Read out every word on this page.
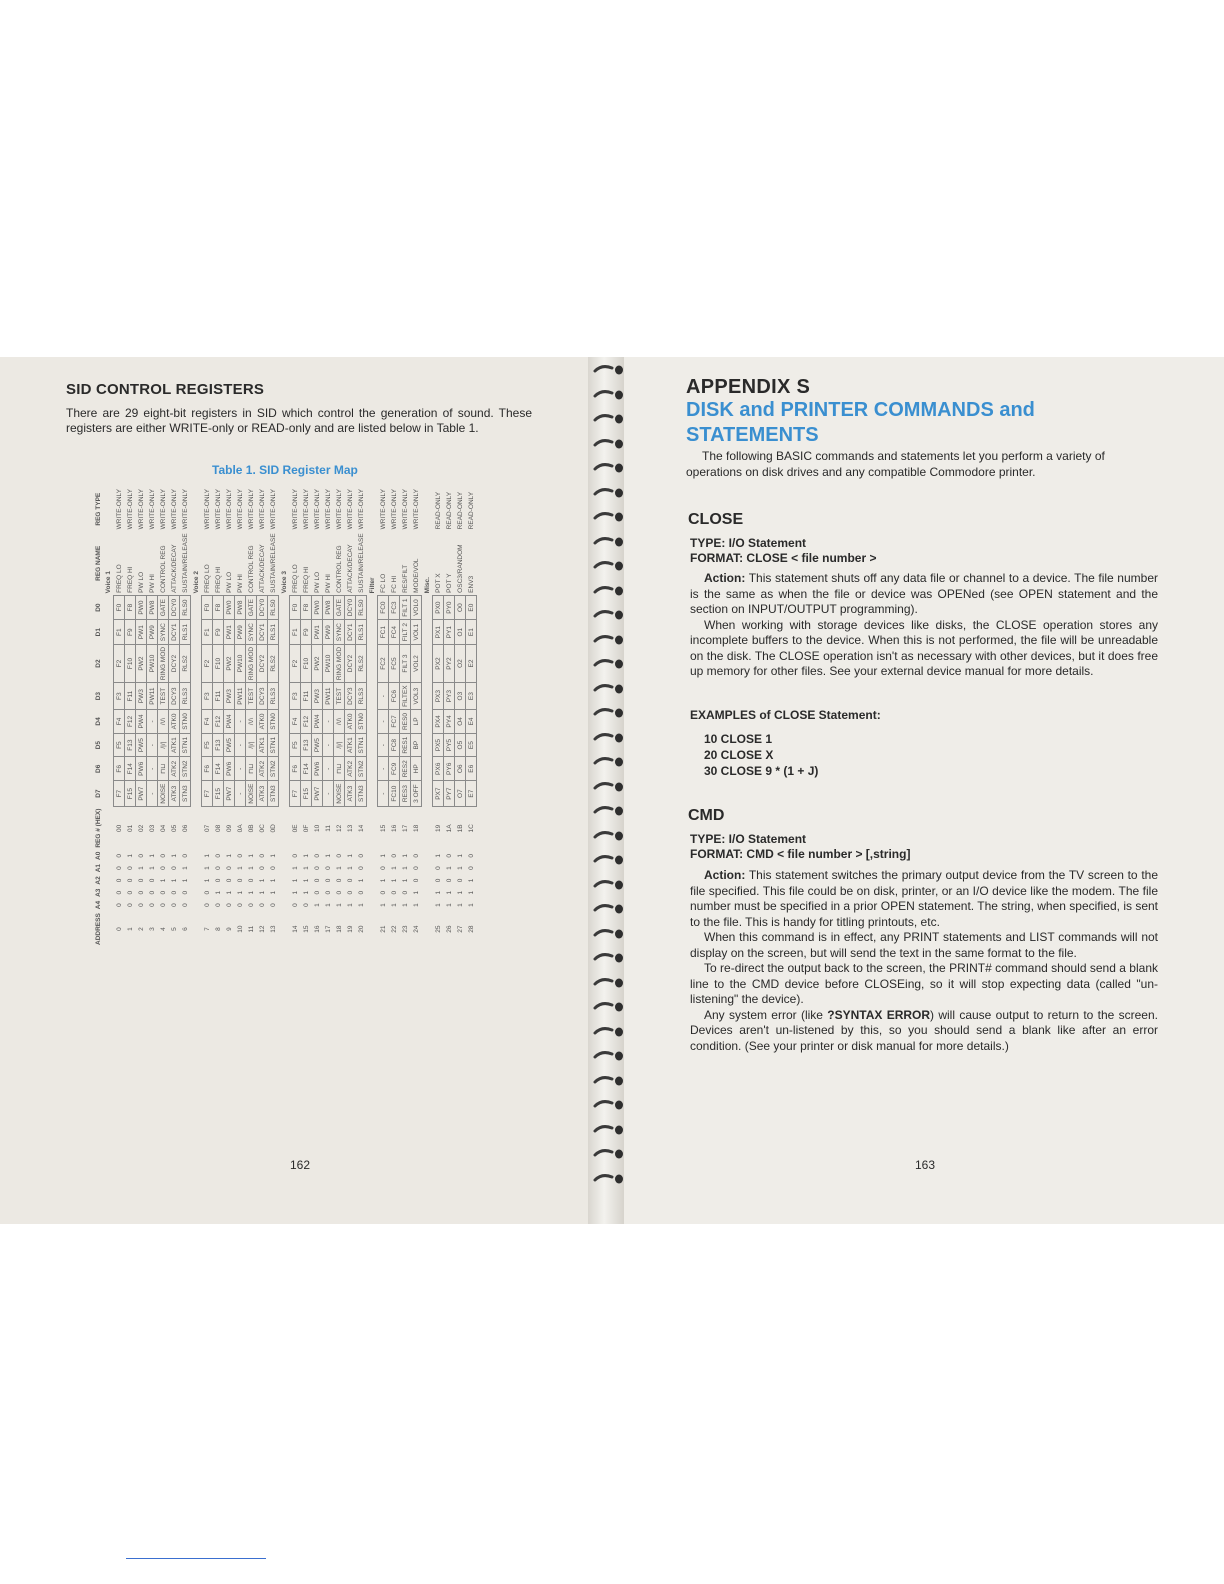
SID CONTROL REGISTERS
There are 29 eight-bit registers in SID which control the generation of sound. These registers are either WRITE-only or READ-only and are listed below in Table 1.
Table 1. SID Register Map
ADDRESS	A4	A3	A2	A1	A0	REG # (HEX)	D7	D6	D5	D4	D3	D2	D1	D0	REG NAME	REG TYPE
															Voice 1	
0	0	0	0	0	0	00	F7	F6	F5	F4	F3	F2	F1	F0	FREQ LO	WRITE-ONLY
1	0	0	0	0	1	01	F15	F14	F13	F12	F11	F10	F9	F8	FREQ HI	WRITE-ONLY
2	0	0	0	1	0	02	PW7	PW6	PW5	PW4	PW3	PW2	PW1	PW0	PW LO	WRITE-ONLY
3	0	0	0	1	1	03	-	-	-	-	PW11	PW10	PW9	PW8	PW HI	WRITE-ONLY
4	0	0	1	0	0	04	NOISE	⊓⊔	/|/|	/\/\	TEST	RING MOD	SYNC	GATE	CONTROL REG	WRITE-ONLY
5	0	0	1	0	1	05	ATK3	ATK2	ATK1	ATK0	DCY3	DCY2	DCY1	DCY0	ATTACK/DECAY	WRITE-ONLY
6	0	0	1	1	0	06	STN3	STN2	STN1	STN0	RLS3	RLS2	RLS1	RLS0	SUSTAIN/RELEASE	WRITE-ONLY
															Voice 2	
7	0	0	1	1	1	07	F7	F6	F5	F4	F3	F2	F1	F0	FREQ LO	WRITE-ONLY
8	0	1	0	0	0	08	F15	F14	F13	F12	F11	F10	F9	F8	FREQ HI	WRITE-ONLY
9	0	1	0	0	1	09	PW7	PW6	PW5	PW4	PW3	PW2	PW1	PW0	PW LO	WRITE-ONLY
10	0	1	0	1	0	0A	-	-	-	-	PW11	PW10	PW9	PW8	PW HI	WRITE-ONLY
11	0	1	0	1	1	0B	NOISE	⊓⊔	/|/|	/\/\	TEST	RING MOD	SYNC	GATE	CONTROL REG	WRITE-ONLY
12	0	1	1	0	0	0C	ATK3	ATK2	ATK1	ATK0	DCY3	DCY2	DCY1	DCY0	ATTACK/DECAY	WRITE-ONLY
13	0	1	1	0	1	0D	STN3	STN2	STN1	STN0	RLS3	RLS2	RLS1	RLS0	SUSTAIN/RELEASE	WRITE-ONLY
															Voice 3	
14	0	1	1	1	0	0E	F7	F6	F5	F4	F3	F2	F1	F0	FREQ LO	WRITE-ONLY
15	0	1	1	1	1	0F	F15	F14	F13	F12	F11	F10	F9	F8	FREQ HI	WRITE-ONLY
16	1	0	0	0	0	10	PW7	PW6	PW5	PW4	PW3	PW2	PW1	PW0	PW LO	WRITE-ONLY
17	1	0	0	0	1	11	-	-	-	-	PW11	PW10	PW9	PW8	PW HI	WRITE-ONLY
18	1	0	0	1	0	12	NOISE	⊓⊔	/|/|	/\/\	TEST	RING MOD	SYNC	GATE	CONTROL REG	WRITE-ONLY
19	1	0	0	1	1	13	ATK3	ATK2	ATK1	ATK0	DCY3	DCY2	DCY1	DCY0	ATTACK/DECAY	WRITE-ONLY
20	1	0	1	0	0	14	STN3	STN2	STN1	STN0	RLS3	RLS2	RLS1	RLS0	SUSTAIN/RELEASE	WRITE-ONLY
															Filter	
21	1	0	1	0	1	15	-	-	-	-	-	FC2	FC1	FC0	FC LO	WRITE-ONLY
22	1	0	1	1	0	16	FC10	FC9	FC8	FC7	FC6	FC5	FC4	FC3	FC HI	WRITE-ONLY
23	1	0	1	1	1	17	RES3	RES2	RES1	RES0	FILTEX	FILT 3	FILT 2	FILT 1	RES/FILT	WRITE-ONLY
24	1	1	0	0	0	18	3 OFF	HP	BP	LP	VOL3	VOL2	VOL1	VOL0	MODE/VOL	WRITE-ONLY
															Misc.	
25	1	1	0	0	1	19	PX7	PX6	PX5	PX4	PX3	PX2	PX1	PX0	POT X	READ-ONLY
26	1	1	0	1	0	1A	PY7	PY6	PY5	PY4	PY3	PY2	PY1	PY0	POT Y	READ-ONLY
27	1	1	0	1	1	1B	O7	O6	O5	O4	O3	O2	O1	O0	OSC3/RANDOM	READ-ONLY
28	1	1	1	0	0	1C	E7	E6	E5	E4	E3	E2	E1	E0	ENV3	READ-ONLY
162
APPENDIX S
DISK and PRINTER COMMANDS and STATEMENTS
The following BASIC commands and statements let you perform a variety of operations on disk drives and any compatible Commodore printer.
CLOSE
TYPE: I/O Statement
FORMAT: CLOSE < file number >

Action: This statement shuts off any data file or channel to a device. The file number is the same as when the file or device was OPENed (see OPEN statement and the section on INPUT/OUTPUT programming).

When working with storage devices like disks, the CLOSE operation stores any incomplete buffers to the device. When this is not performed, the file will be unreadable on the disk. The CLOSE operation isn't as necessary with other devices, but it does free up memory for other files. See your external device manual for more details.

EXAMPLES of CLOSE Statement:
10 CLOSE 1
20 CLOSE X
30 CLOSE 9 * (1 + J)
CMD
TYPE: I/O Statement
FORMAT: CMD < file number > [,string]

Action: This statement switches the primary output device from the TV screen to the file specified. This file could be on disk, printer, or an I/O device like the modem. The file number must be specified in a prior OPEN statement. The string, when specified, is sent to the file. This is handy for titling printouts, etc.

When this command is in effect, any PRINT statements and LIST commands will not display on the screen, but will send the text in the same format to the file.

To re-direct the output back to the screen, the PRINT# command should send a blank line to the CMD device before CLOSEing, so it will stop expecting data (called "un-listening" the device).

Any system error (like ?SYNTAX ERROR) will cause output to return to the screen. Devices aren't un-listened by this, so you should send a blank like after an error condition. (See your printer or disk manual for more details.)

163
